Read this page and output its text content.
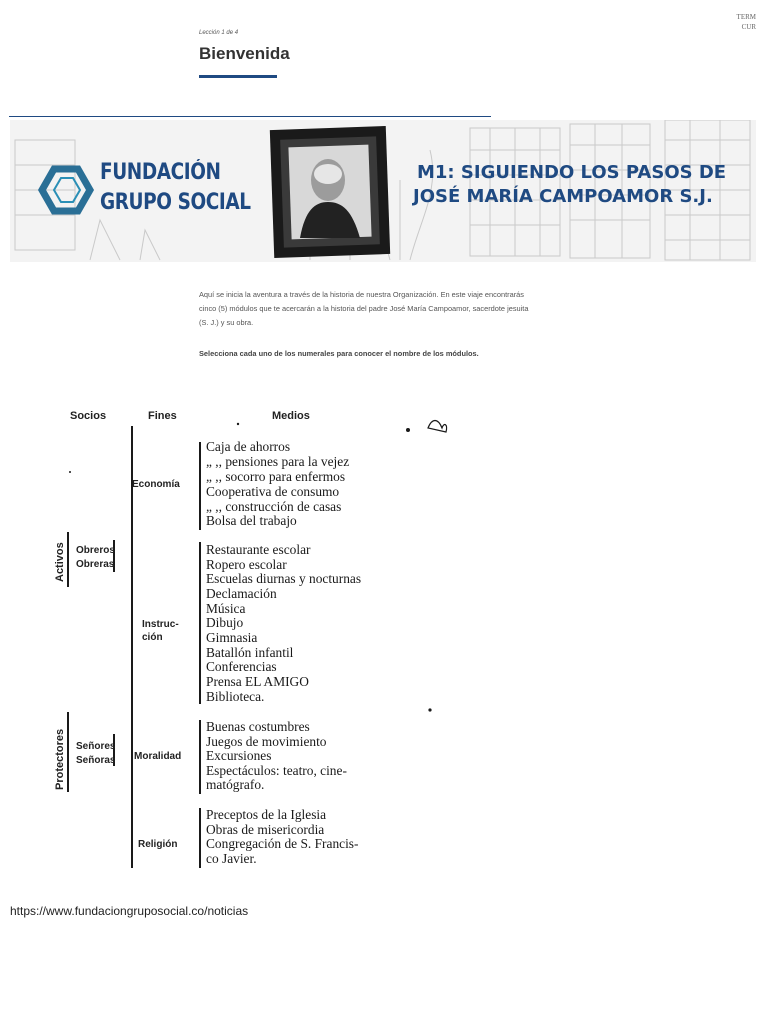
TERM
CUR
Lección 1 de 4
Bienvenida
FUNDACIÓN
GRUPO SOCIAL
M1: SIGUIENDO LOS PASOS DE
JOSÉ MARÍA CAMPOAMOR S.J.
Aquí se inicia la aventura a través de la historia de nuestra Organización. En este viaje encontrarás
cinco (5) módulos que te acercarán a la historia del padre José María Campoamor, sacerdote jesuita
(S. J.) y su obra.
Selecciona cada uno de los numerales para conocer el nombre de los módulos.
Socios	Fines	Medios
Activos
Protectores
Obreros
Obreras
Señores
Señoras
Economía
Instruc-
ción
Moralidad
Religión
Caja de ahorros
„ ,, pensiones para la vejez
„ ,, socorro para enfermos
Cooperativa de consumo
„ ,, construcción de casas
Bolsa del trabajo
Restaurante escolar
Ropero escolar
Escuelas diurnas y nocturnas
Declamación
Música
Dibujo
Gimnasia
Batallón infantil
Conferencias
Prensa EL AMIGO
Biblioteca.
Buenas costumbres
Juegos de movimiento
Excursiones
Espectáculos: teatro, cine-
matógrafo.
Preceptos de la Iglesia
Obras de misericordia
Congregación de S. Francis-
co Javier.
https://www.fundaciongruposocial.co/noticias
